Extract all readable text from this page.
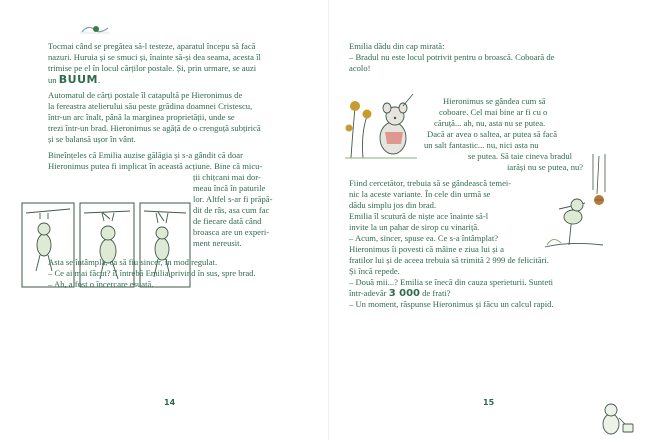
Tocmai când se pregătea să-l testeze, aparatul începu să facă
nazuri. Huruia și se smuci și, înainte să-și dea seama, acesta îl
trimise pe el în locul cărților postale. Și, prin urmare, se auzi
un BUUM.
Automatul de cărți postale îl catapultă pe Hieronimus de
la fereastra atelierului său peste grădina doamnei Cristescu,
într-un arc înalt, până la marginea proprietății, unde se
trezi într-un brad. Hieronimus se agăță de o crenguță subțirică
și se balansă ușor în vânt.
Bineînțeles că Emilia auzise gălăgia și s-a gândit că doar
Hieronimus putea fi implicat în această acțiune. Bine că micu-
ții chițcani mai dor-
meau încă în paturile
lor. Altfel s-ar fi prăpă-
dit de râs, asa cum fac
de fiecare dată când
broasca are un experi-
ment nereusit.
Asta se întâmpla, ca să fiu sincer, în mod regulat.
– Ce ai mai făcut? îl întrebă Emilia privind în sus, spre brad.
– Ah, a fost o încercare esuată.
14
Emilia dădu din cap mirată:
– Bradul nu este locul potrivit pentru o broască. Coboară de
acolo!
Hieronimus se gândea cum să
coboare. Cel mai bine ar fi cu o
căruță... ah, nu, asta nu se putea.
Dacă ar avea o saltea, ar putea să facă
un salt fantastic... nu, nici asta nu
se putea. Să taie cineva bradul
iarăși nu se putea, nu?
Fiind cercetător, trebuia să se gândească temei-
nic la aceste variante. În cele din urmă se
dădu simplu jos din brad.
Emilia îl scutură de niște ace înainte să-l
invite la un pahar de sirop cu vinariță.
– Acum, sincer, spuse ea. Ce s-a întâmplat?
Hieronimus îi povesti că mâine e ziua lui și a
fratilor lui și de aceea trebuia să trimită 2 999 de felicitări.
Și încă repede.
– Două mii...? Emilia se înecă din cauza sperieturii. Sunteti
într-adevăr 3 000 de frati?
– Un moment, răspunse Hieronimus și făcu un calcul rapid.
15
